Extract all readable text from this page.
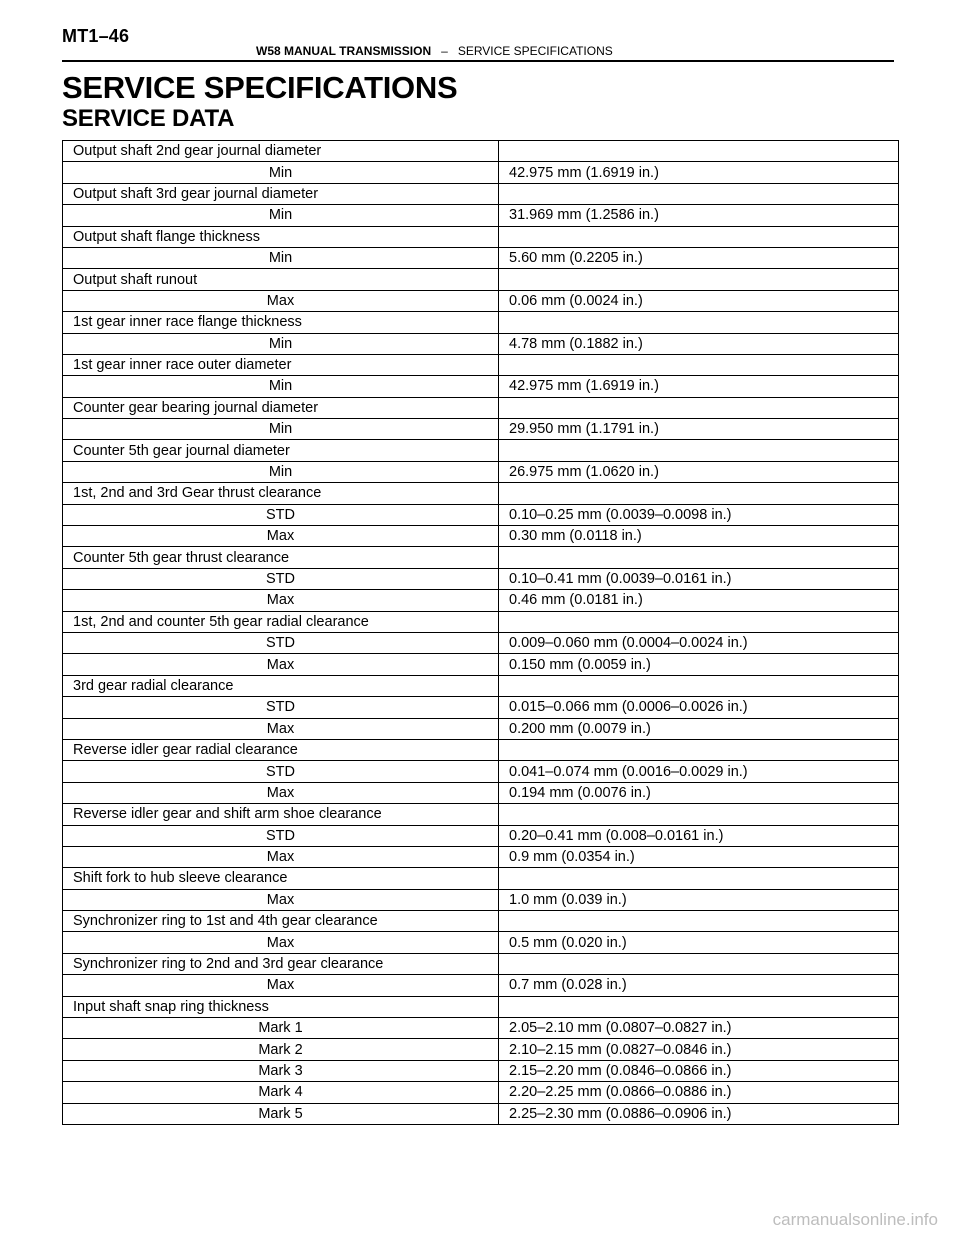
MT1–46
W58 MANUAL TRANSMISSION – SERVICE SPECIFICATIONS
SERVICE SPECIFICATIONS
SERVICE DATA
Output shaft 2nd gear journal diameter	
Min	42.975 mm (1.6919 in.)
Output shaft 3rd gear journal diameter	
Min	31.969 mm (1.2586 in.)
Output shaft flange thickness	
Min	5.60 mm (0.2205 in.)
Output shaft runout	
Max	0.06 mm (0.0024 in.)
1st gear inner race flange thickness	
Min	4.78 mm (0.1882 in.)
1st gear inner race outer diameter	
Min	42.975 mm (1.6919 in.)
Counter gear bearing journal diameter	
Min	29.950 mm (1.1791 in.)
Counter 5th gear journal diameter	
Min	26.975 mm (1.0620 in.)
1st, 2nd and 3rd Gear thrust clearance	
STD	0.10–0.25 mm (0.0039–0.0098 in.)
Max	0.30 mm (0.0118 in.)
Counter 5th gear thrust clearance	
STD	0.10–0.41 mm (0.0039–0.0161 in.)
Max	0.46 mm (0.0181 in.)
1st, 2nd and counter 5th gear radial clearance	
STD	0.009–0.060 mm (0.0004–0.0024 in.)
Max	0.150 mm (0.0059 in.)
3rd gear radial clearance	
STD	0.015–0.066 mm (0.0006–0.0026 in.)
Max	0.200 mm (0.0079 in.)
Reverse idler gear radial clearance	
STD	0.041–0.074 mm (0.0016–0.0029 in.)
Max	0.194 mm (0.0076 in.)
Reverse idler gear and shift arm shoe clearance	
STD	0.20–0.41 mm (0.008–0.0161 in.)
Max	0.9 mm (0.0354 in.)
Shift fork to hub sleeve clearance	
Max	1.0 mm (0.039 in.)
Synchronizer ring to 1st and 4th gear clearance	
Max	0.5 mm (0.020 in.)
Synchronizer ring to 2nd and 3rd gear clearance	
Max	0.7 mm (0.028 in.)
Input shaft snap ring thickness	
Mark 1	2.05–2.10 mm (0.0807–0.0827 in.)
Mark 2	2.10–2.15 mm (0.0827–0.0846 in.)
Mark 3	2.15–2.20 mm (0.0846–0.0866 in.)
Mark 4	2.20–2.25 mm (0.0866–0.0886 in.)
Mark 5	2.25–2.30 mm (0.0886–0.0906 in.)
carmanualsonline.info
